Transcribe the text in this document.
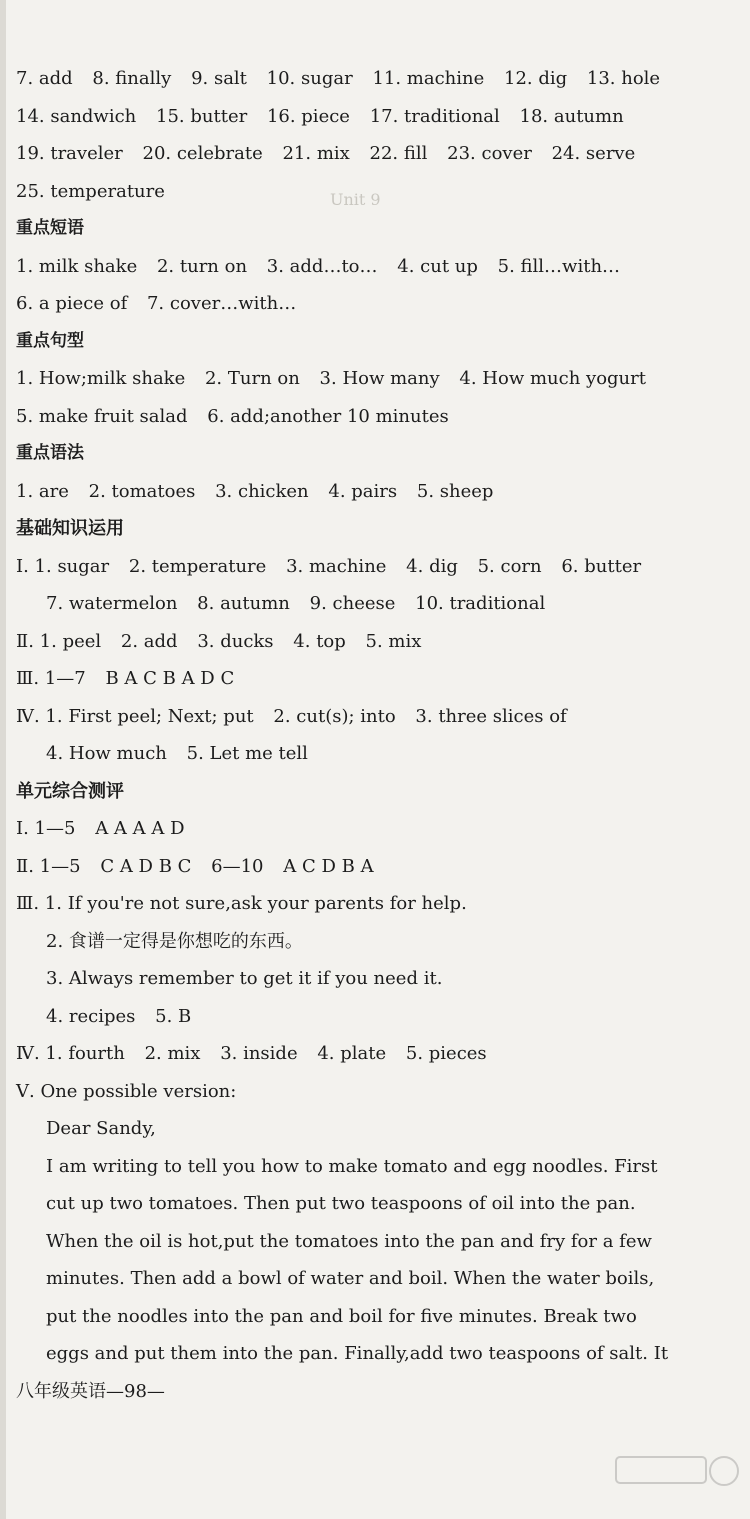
Unit 9
7. add 8. finally 9. salt 10. sugar 11. machine 12. dig 13. hole
14. sandwich 15. butter 16. piece 17. traditional 18. autumn
19. traveler 20. celebrate 21. mix 22. fill 23. cover 24. serve
25. temperature
重点短语
1. milk shake 2. turn on 3. add…to… 4. cut up 5. fill…with…
6. a piece of 7. cover…with…
重点句型
1. How;milk shake 2. Turn on 3. How many 4. How much yogurt
5. make fruit salad 6. add;another 10 minutes
重点语法
1. are 2. tomatoes 3. chicken 4. pairs 5. sheep
基础知识运用
Ⅰ. 1. sugar 2. temperature 3. machine 4. dig 5. corn 6. butter
7. watermelon 8. autumn 9. cheese 10. traditional
Ⅱ. 1. peel 2. add 3. ducks 4. top 5. mix
Ⅲ. 1—7 B A C B A D C
Ⅳ. 1. First peel; Next; put 2. cut(s); into 3. three slices of
4. How much 5. Let me tell
单元综合测评
Ⅰ. 1—5 A A A A D
Ⅱ. 1—5 C A D B C 6—10 A C D B A
Ⅲ. 1. If you're not sure,ask your parents for help.
2. 食谱一定得是你想吃的东西。
3. Always remember to get it if you need it.
4. recipes 5. B
Ⅳ. 1. fourth 2. mix 3. inside 4. plate 5. pieces
Ⅴ. One possible version:
Dear Sandy,
I am writing to tell you how to make tomato and egg noodles. First
cut up two tomatoes. Then put two teaspoons of oil into the pan.
When the oil is hot,put the tomatoes into the pan and fry for a few
minutes. Then add a bowl of water and boil. When the water boils,
put the noodles into the pan and boil for five minutes. Break two
eggs and put them into the pan. Finally,add two teaspoons of salt. It
八年级英语—98—
